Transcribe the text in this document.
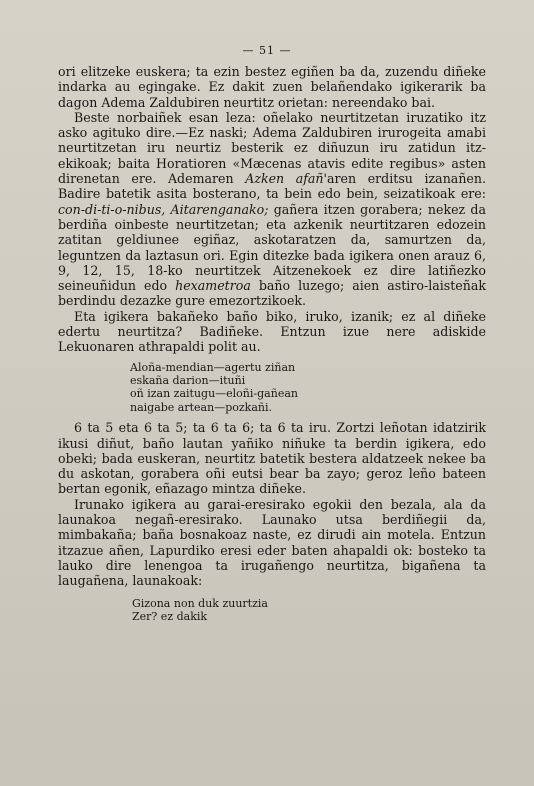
— 51 —

ori elitzeke euskera; ta ezin bestez egiñen ba da, zuzendu diñeke indarka au egingake. Ez dakit zuen belañendako igikerarik ba dagon Adema Zaldubiren neurtitz orietan: nereendako bai.

Beste norbaiñek esan leza: oñelako neurtitzetan iruzatiko itz asko agituko dire.—Ez naski; Adema Zaldubiren irurogeita amabi neurtitzetan iru neurtiz besterik ez diñuzun iru zatidun itz-ekikoak; baita Horatioren «Mæcenas atavis edite regibus» asten direnetan ere. Ademaren Azken afañ'aren erditsu izanañen. Badire batetik asita bosterano, ta bein edo bein, seizatikoak ere: con-di-ti-o-nibus, Aitarenganako; gañera itzen gorabera; nekez da berdiña oinbeste neurtitzetan; eta azkenik neurtitzaren edozein zatitan geldiunee egiñaz, askotaratzen da, samurtzen da, leguntzen da laztasun ori. Egin ditezke bada igikera onen arauz 6, 9, 12, 15, 18-ko neurtitzek Aitzenekoek ez dire latiñezko seineuñidun edo hexametroa baño luzego; aien astiro-laisteñak berdindu dezazke gure emezortzikoek.

Eta igikera bakañeko baño biko, iruko, izanik; ez al diñeke edertu neurtitza? Badiñeke. Entzun izue nere adiskide Lekuonaren athrapaldi polit au.

Aloña-mendian—agertu ziñan
eskaña darion—ituñi
oñ izan zaitugu—eloñi-gañean
naigabe artean—pozkañi.

6 ta 5 eta 6 ta 5; ta 6 ta 6; ta 6 ta iru. Zortzi leñotan idatzirik ikusi diñut, baño lautan yañiko niñuke ta berdin igikera, edo obeki; bada euskeran, neurtitz batetik bestera aldatzeek nekee ba du askotan, gorabera oñi eutsi bear ba zayo; geroz leño bateen bertan egonik, eñazago mintza diñeke.

Irunako igikera au garai-eresirako egokii den bezala, ala da launakoa negañ-eresirako. Launako utsa berdiñegii da, mimbakaña; baña bosnakoaz naste, ez dirudi ain motela. Entzun itzazue añen, Lapurdiko eresi eder baten ahapaldi ok: bosteko ta lauko dire lenengoa ta irugañengo neurtitza, bigañena ta laugañena, launakoak:

Gizona non duk zuurtzia
Zer? ez dakik
